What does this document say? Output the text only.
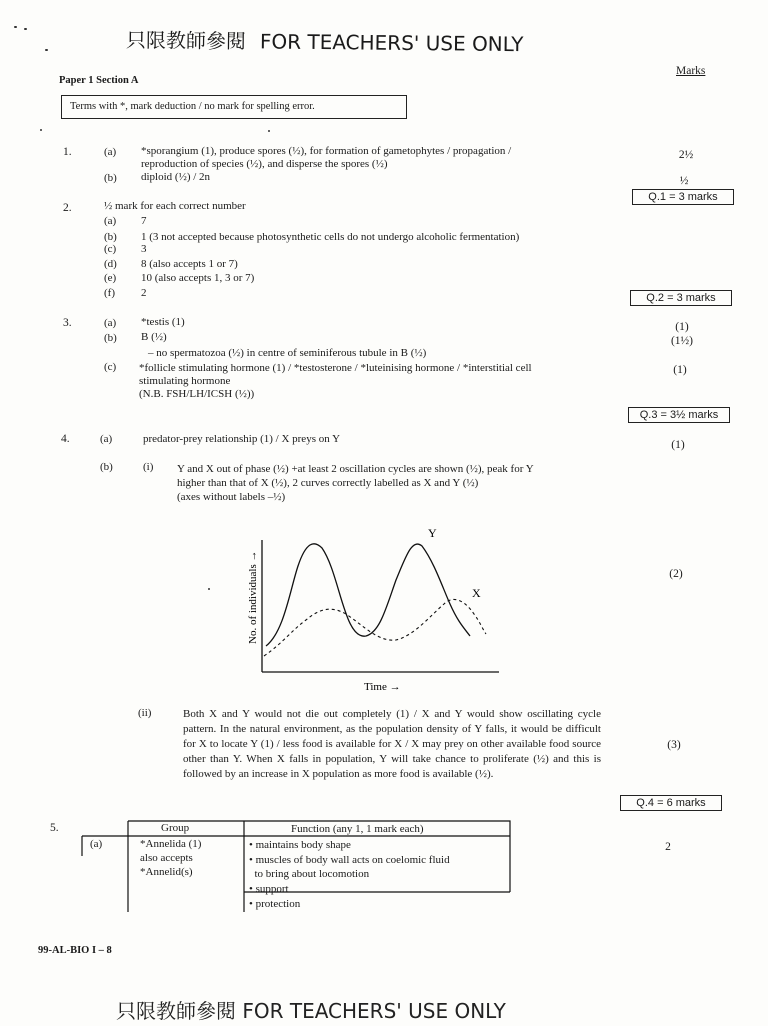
只限教師參閱 FOR TEACHERS' USE ONLY
Marks
Paper 1 Section A
Terms with *, mark deduction / no mark for spelling error.
1.	(a) *sporangium (1), produce spores (½), for formation of gametophytes / propagation /
reproduction of species (½), and disperse the spores (½)
2½
(b) diploid (½) / 2n	½
Q.1 = 3 marks
2.	½ mark for each correct number
(a) 7
(b) 1 (3 not accepted because photosynthetic cells do not undergo alcoholic fermentation)
(c) 3
(d) 8 (also accepts 1 or 7)
(e) 10 (also accepts 1, 3 or 7)
(f) 2	Q.2 = 3 marks
3.	(a) *testis (1)	(1)
(b) B (½)	(1½)
– no spermatozoa (½) in centre of seminiferous tubule in B (½)
(c) *follicle stimulating hormone (1) / *testosterone / *luteinising hormone / *interstitial cell
stimulating hormone
(N.B. FSH/LH/ICSH (½))
(1)
Q.3 = 3½ marks
4.	(a)	predator-prey relationship (1) / X preys on Y	(1)
(b)	(i) Y and X out of phase (½) +at least 2 oscillation cycles are shown (½), peak for Y
higher than that of X (½), 2 curves correctly labelled as X and Y (½)
(axes without labels –½)
Y
X
No. of individuals →
Time →
(2)
(ii)	Both X and Y would not die out completely (1) / X and Y would show oscillating cycle pattern. In the natural environment, as the population density of Y falls, it would be difficult for X to locate Y (1) / less food is available for X / X may prey on other available food source other than Y. When X falls in population, Y will take chance to proliferate (½) and this is followed by an increase in X population as more food is available (½).
(3)
Q.4 = 6 marks
5.	Group	Function (any 1, 1 mark each)
(a)	*Annelida (1)
also accepts
*Annelid(s)
• maintains body shape
• muscles of body wall acts on coelomic fluid
to bring about locomotion
• support
• protection
2
99-AL-BIO I – 8
只限教師參閱 FOR TEACHERS' USE ONLY
